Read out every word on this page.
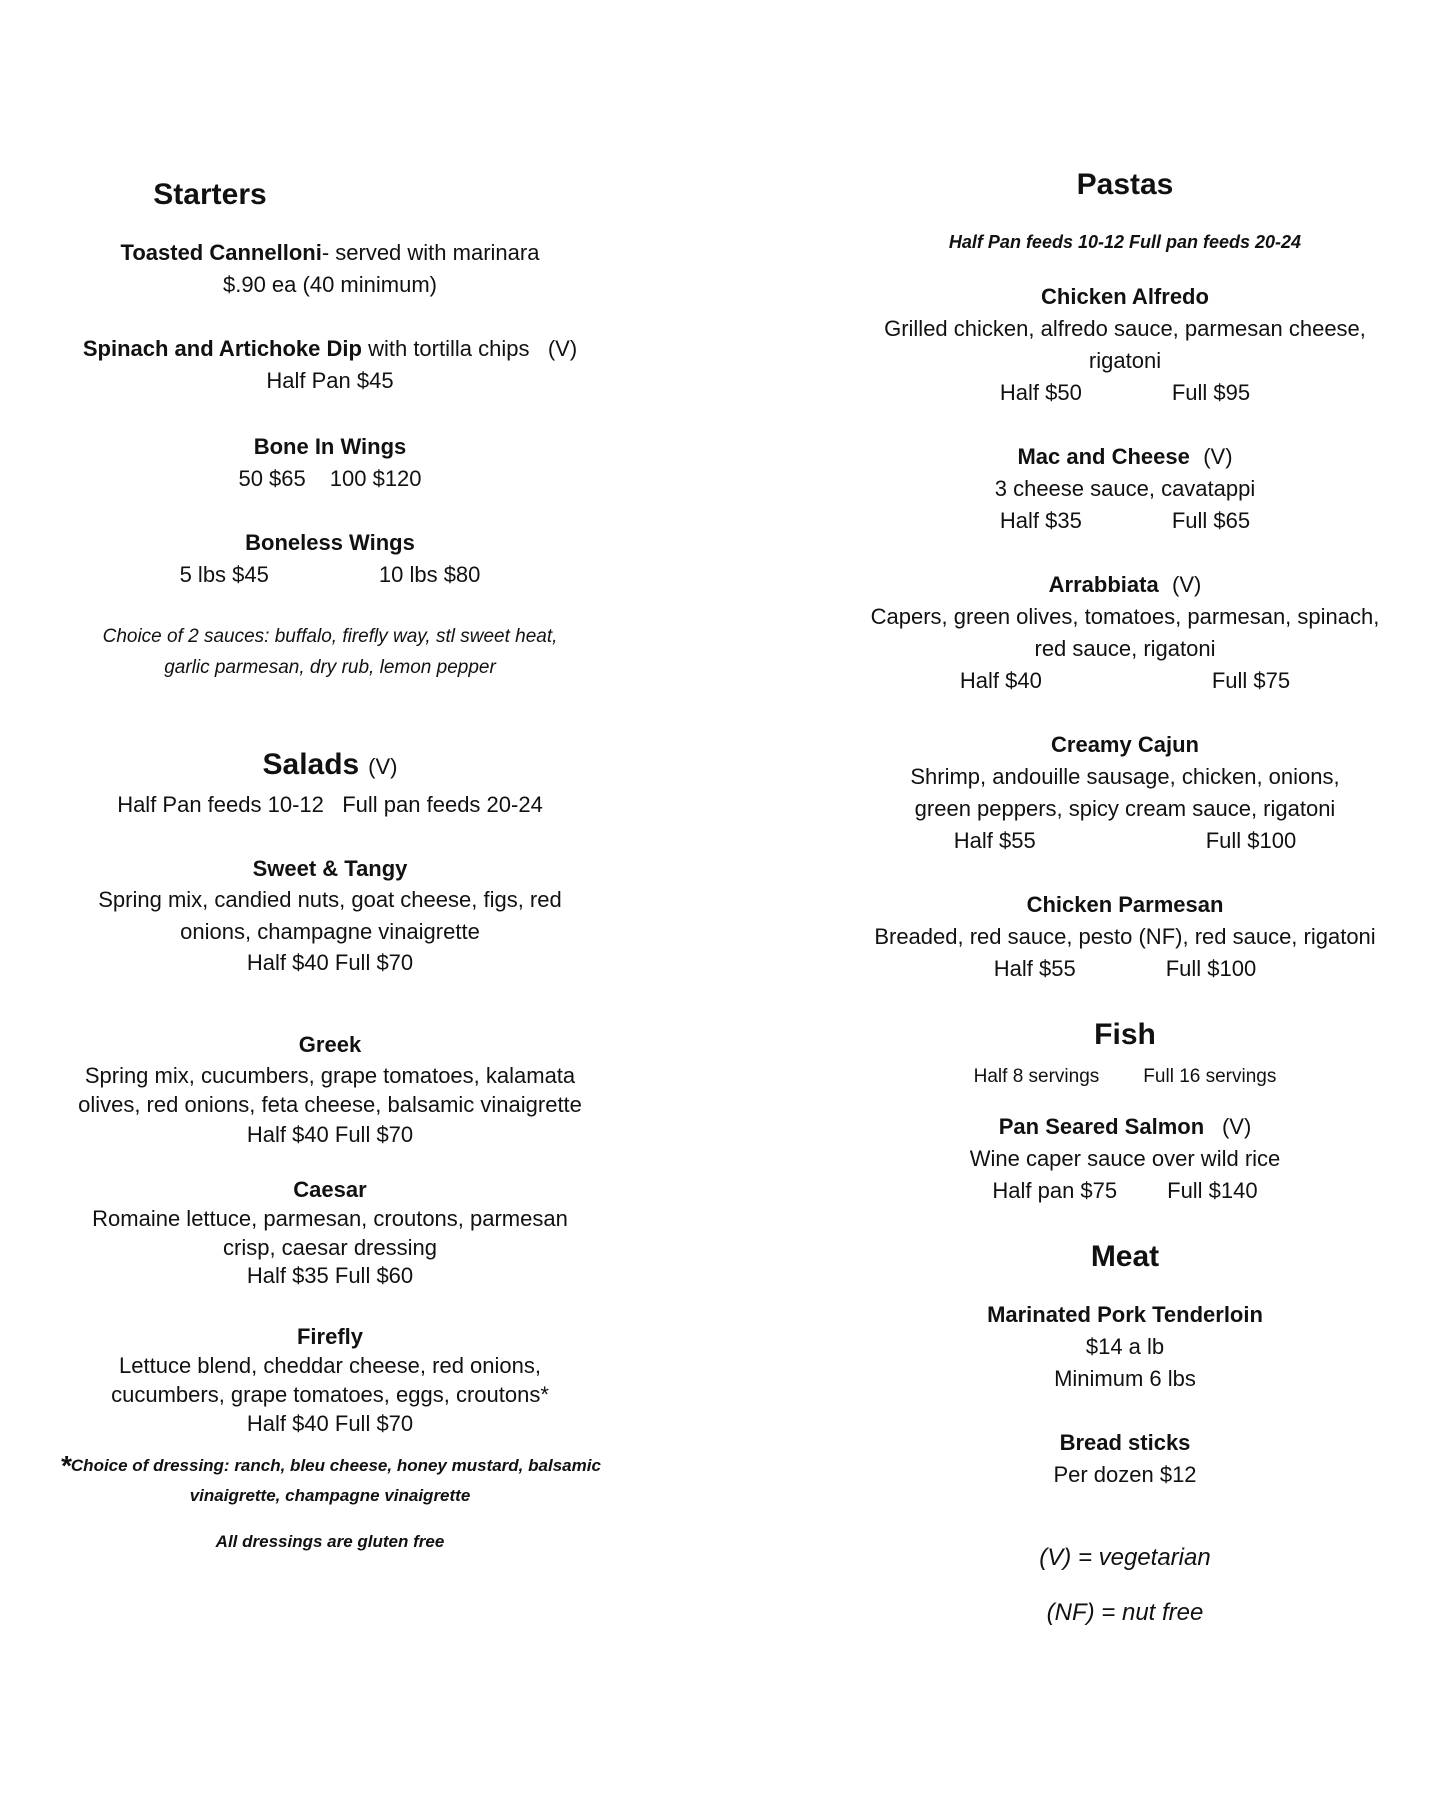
Starters
Toasted Cannelloni- served with marinara
$.90 ea (40 minimum)
Spinach and Artichoke Dip with tortilla chips (V)
Half Pan $45
Bone In Wings
50 $65 100 $120
Boneless Wings
5 lbs $45	10 lbs $80
Choice of 2 sauces: buffalo, firefly way, stl sweet heat,
garlic parmesan, dry rub, lemon pepper
Salads (V)
Half Pan feeds 10-12 Full pan feeds 20-24
Sweet & Tangy
Spring mix, candied nuts, goat cheese, figs, red
onions, champagne vinaigrette
Half $40 Full $70
Greek
Spring mix, cucumbers, grape tomatoes, kalamata
olives, red onions, feta cheese, balsamic vinaigrette
Half $40 Full $70
Caesar
Romaine lettuce, parmesan, croutons, parmesan
crisp, caesar dressing
Half $35 Full $60
Firefly
Lettuce blend, cheddar cheese, red onions,
cucumbers, grape tomatoes, eggs, croutons*
Half $40 Full $70
*Choice of dressing: ranch, bleu cheese, honey mustard, balsamic
vinaigrette, champagne vinaigrette
All dressings are gluten free
Pastas
Half Pan feeds 10-12 Full pan feeds 20-24
Chicken Alfredo
Grilled chicken, alfredo sauce, parmesan cheese,
rigatoni
Half $50	Full $95
Mac and Cheese (V)
3 cheese sauce, cavatappi
Half $35	Full $65
Arrabbiata (V)
Capers, green olives, tomatoes, parmesan, spinach,
red sauce, rigatoni
Half $40	Full $75
Creamy Cajun
Shrimp, andouille sausage, chicken, onions,
green peppers, spicy cream sauce, rigatoni
Half $55	Full $100
Chicken Parmesan
Breaded, red sauce, pesto (NF), red sauce, rigatoni
Half $55	Full $100
Fish
Half 8 servings Full 16 servings
Pan Seared Salmon (V)
Wine caper sauce over wild rice
Half pan $75 Full $140
Meat
Marinated Pork Tenderloin
$14 a lb
Minimum 6 lbs
Bread sticks
Per dozen $12
(V) = vegetarian
(NF) = nut free
